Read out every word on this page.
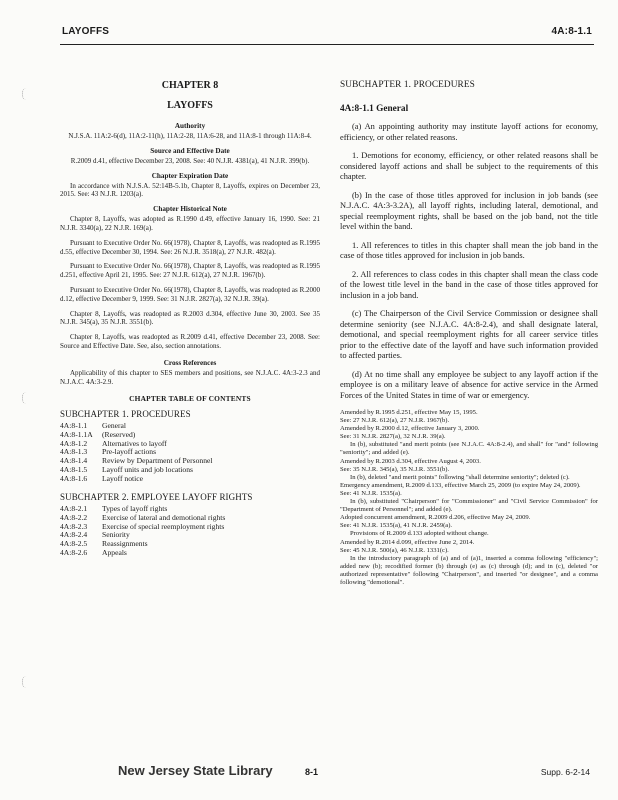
LAYOFFS	4A:8-1.1
CHAPTER 8
LAYOFFS
Authority
N.J.S.A. 11A:2-6(d), 11A:2-11(h), 11A:2-28, 11A:6-28, and 11A:8-1 through 11A:8-4.
Source and Effective Date
R.2009 d.41, effective December 23, 2008. See: 40 N.J.R. 4381(a), 41 N.J.R. 399(b).
Chapter Expiration Date
In accordance with N.J.S.A. 52:14B-5.1b, Chapter 8, Layoffs, expires on December 23, 2015. See: 43 N.J.R. 1203(a).
Chapter Historical Note
Chapter 8, Layoffs, was adopted as R.1990 d.49, effective January 16, 1990. See: 21 N.J.R. 3340(a), 22 N.J.R. 169(a).
Pursuant to Executive Order No. 66(1978), Chapter 8, Layoffs, was readopted as R.1995 d.55, effective December 30, 1994. See: 26 N.J.R. 3518(a), 27 N.J.R. 482(a).
Pursuant to Executive Order No. 66(1978), Chapter 8, Layoffs, was readopted as R.1995 d.251, effective April 21, 1995. See: 27 N.J.R. 612(a), 27 N.J.R. 1967(b).
Pursuant to Executive Order No. 66(1978), Chapter 8, Layoffs, was readopted as R.2000 d.12, effective December 9, 1999. See: 31 N.J.R. 2827(a), 32 N.J.R. 39(a).
Chapter 8, Layoffs, was readopted as R.2003 d.304, effective June 30, 2003. See 35 N.J.R. 345(a), 35 N.J.R. 3551(b).
Chapter 8, Layoffs, was readopted as R.2009 d.41, effective December 23, 2008. See: Source and Effective Date. See, also, section annotations.
Cross References
Applicability of this chapter to SES members and positions, see N.J.A.C. 4A:3-2.3 and N.J.A.C. 4A:3-2.9.
CHAPTER TABLE OF CONTENTS
SUBCHAPTER 1. PROCEDURES
4A:8-1.1	General
4A:8-1.1A	(Reserved)
4A:8-1.2	Alternatives to layoff
4A:8-1.3	Pre-layoff actions
4A:8-1.4	Review by Department of Personnel
4A:8-1.5	Layoff units and job locations
4A:8-1.6	Layoff notice
SUBCHAPTER 2. EMPLOYEE LAYOFF RIGHTS
4A:8-2.1	Types of layoff rights
4A:8-2.2	Exercise of lateral and demotional rights
4A:8-2.3	Exercise of special reemployment rights
4A:8-2.4	Seniority
4A:8-2.5	Reassignments
4A:8-2.6	Appeals
SUBCHAPTER 1. PROCEDURES
4A:8-1.1 General
(a) An appointing authority may institute layoff actions for economy, efficiency, or other related reasons.
1. Demotions for economy, efficiency, or other related reasons shall be considered layoff actions and shall be subject to the requirements of this chapter.
(b) In the case of those titles approved for inclusion in job bands (see N.J.A.C. 4A:3-3.2A), all layoff rights, including lateral, demotional, and special reemployment rights, shall be based on the job band, not the title level within the band.
1. All references to titles in this chapter shall mean the job band in the case of those titles approved for inclusion in job bands.
2. All references to class codes in this chapter shall mean the class code of the lowest title level in the band in the case of those titles approved for inclusion in a job band.
(c) The Chairperson of the Civil Service Commission or designee shall determine seniority (see N.J.A.C. 4A:8-2.4), and shall designate lateral, demotional, and special reemployment rights for all career service titles prior to the effective date of the layoff and have such information provided to affected parties.
(d) At no time shall any employee be subject to any layoff action if the employee is on a military leave of absence for active service in the Armed Forces of the United States in time of war or emergency.
Amended by R.1995 d.251, effective May 15, 1995.
See: 27 N.J.R. 612(a), 27 N.J.R. 1967(b).
Amended by R.2000 d.12, effective January 3, 2000.
See: 31 N.J.R. 2827(a), 32 N.J.R. 39(a).
In (b), substituted "and merit points (see N.J.A.C. 4A:8-2.4), and shall" for "and" following "seniority"; and added (e).
Amended by R.2003 d.304, effective August 4, 2003.
See: 35 N.J.R. 345(a), 35 N.J.R. 3551(b).
In (b), deleted "and merit points" following "shall determine seniority"; deleted (c).
Emergency amendment, R.2009 d.133, effective March 25, 2009 (to expire May 24, 2009).
See: 41 N.J.R. 1535(a).
In (b), substituted "Chairperson" for "Commissioner" and "Civil Service Commission" for "Department of Personnel"; and added (e).
Adopted concurrent amendment, R.2009 d.206, effective May 24, 2009.
See: 41 N.J.R. 1535(a), 41 N.J.R. 2459(a).
Provisions of R.2009 d.133 adopted without change.
Amended by R.2014 d.099, effective June 2, 2014.
See: 45 N.J.R. 500(a), 46 N.J.R. 1331(c).
In the introductory paragraph of (a) and of (a)1, inserted a comma following "efficiency"; added new (b); recodified former (b) through (e) as (c) through (d); and in (c), deleted "or authorized representative" following "Chairperson", and inserted "or designee", and a comma following "demotional".
New Jersey State Library	8-1	Supp. 6-2-14
